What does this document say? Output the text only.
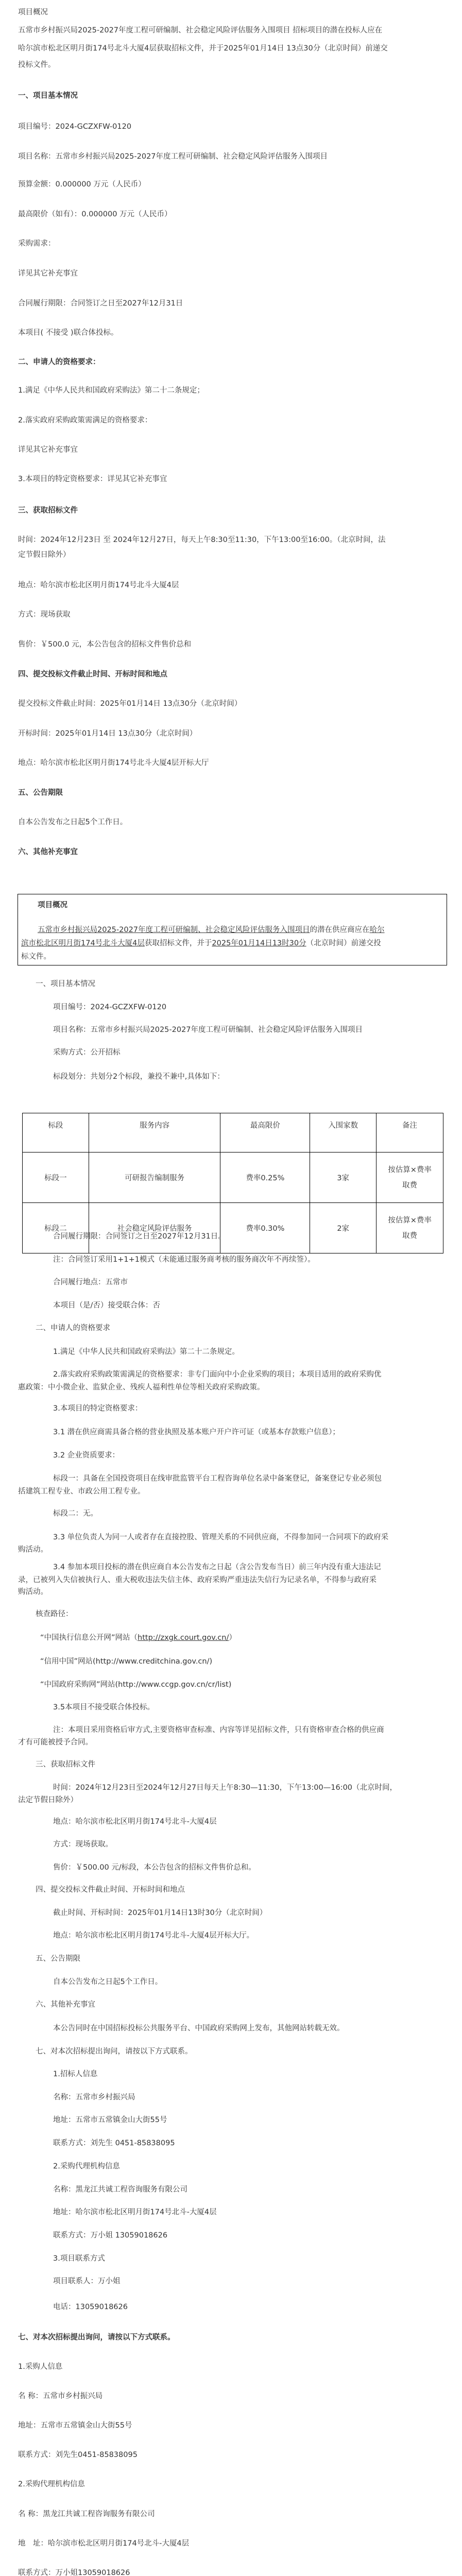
项目概况
五常市乡村振兴局2025-2027年度工程可研编制、社会稳定风险评估服务入围项目 招标项目的潜在投标人应在
哈尔滨市松北区明月街174号北斗大厦4层获取招标文件，并于2025年01月14日 13点30分（北京时间）前递交
投标文件。
一、项目基本情况
项目编号：2024-GCZXFW-0120
项目名称：五常市乡村振兴局2025-2027年度工程可研编制、社会稳定风险评估服务入围项目
预算金额：0.000000 万元（人民币）
最高限价（如有）：0.000000 万元（人民币）
采购需求：
详见其它补充事宜
合同履行期限：合同签订之日至2027年12月31日
本项目( 不接受 )联合体投标。
二、申请人的资格要求：
1.满足《中华人民共和国政府采购法》第二十二条规定；
2.落实政府采购政策需满足的资格要求：
详见其它补充事宜
3.本项目的特定资格要求：详见其它补充事宜
三、获取招标文件
时间：2024年12月23日 至 2024年12月27日，每天上午8:30至11:30，下午13:00至16:00。（北京时间，法
定节假日除外）
地点：哈尔滨市松北区明月街174号北斗大厦4层
方式：现场获取
售价：￥500.0 元，本公告包含的招标文件售价总和
四、提交投标文件截止时间、开标时间和地点
提交投标文件截止时间：2025年01月14日 13点30分（北京时间）
开标时间：2025年01月14日 13点30分（北京时间）
地点：哈尔滨市松北区明月街174号北斗大厦4层开标大厅
五、公告期限
自本公告发布之日起5个工作日。
六、其他补充事宜
项目概况
五常市乡村振兴局2025-2027年度工程可研编制、社会稳定风险评估服务入围项目的潜在供应商应在哈尔
滨市松北区明月街174号北斗大厦4层获取招标文件，并于2025年01月14日13时30分（北京时间）前递交投
标文件。
一、项目基本情况
项目编号：2024-GCZXFW-0120
项目名称：五常市乡村振兴局2025-2027年度工程可研编制、社会稳定风险评估服务入围项目
采购方式：公开招标
标段划分：共划分2个标段，兼投不兼中,具体如下：
标段	服务内容	最高限价	入围家数	备注
标段一	可研报告编制服务	费率0.25%	3家	按估算×费率
取费
标段二	社会稳定风险评估服务	费率0.30%	2家	按估算×费率
取费
合同履行期限：合同签订之日至2027年12月31日。
注：合同签订采用1+1+1模式（未能通过服务商考核的服务商次年不再续签）。
合同履行地点：五常市
本项目（是/否）接受联合体：否
二、申请人的资格要求
1.满足《中华人民共和国政府采购法》第二十二条规定。
2.落实政府采购政策需满足的资格要求：非专门面向中小企业采购的项目；本项目适用的政府采购优
惠政策：中小微企业、监狱企业、残疾人福利性单位等相关政府采购政策。
3.本项目的特定资格要求：
3.1 潜在供应商需具备合格的营业执照及基本账户开户许可证（或基本存款账户信息）；
3.2 企业资质要求：
标段一：具备在全国投资项目在线审批监管平台工程咨询单位名录中备案登记，备案登记专业必须包
括建筑工程专业、市政公用工程专业。
标段二：无。
3.3 单位负责人为同一人或者存在直接控股、管理关系的不同供应商，不得参加同一合同项下的政府采
购活动。
3.4 参加本项目投标的潜在供应商自本公告发布之日起（含公告发布当日）前三年内没有重大违法记
录，已被列入失信被执行人、重大税收违法失信主体、政府采购严重违法失信行为记录名单，不得参与政府采
购活动。
核查路径：
“中国执行信息公开网”网站（http://zxgk.court.gov.cn/）
“信用中国”网站(http://www.creditchina.gov.cn/)
“中国政府采购网”网站(http://www.ccgp.gov.cn/cr/list)
3.5本项目不接受联合体投标。
注：本项目采用资格后审方式,主要资格审查标准、内容等详见招标文件，只有资格审查合格的供应商
才有可能被授予合同。
三、获取招标文件
时间：2024年12月23日至2024年12月27日每天上午8:30—11:30，下午13:00—16:00（北京时间，
法定节假日除外）
地点：哈尔滨市松北区明月街174号北斗-大厦4层
方式：现场获取。
售价：￥500.00 元/标段，本公告包含的招标文件售价总和。
四、提交投标文件截止时间、开标时间和地点
截止时间、开标时间：2025年01月14日13时30分（北京时间）
地点：哈尔滨市松北区明月街174号北斗-大厦4层开标大厅。
五、公告期限
自本公告发布之日起5个工作日。
六、其他补充事宜
本公告同时在中国招标投标公共服务平台、中国政府采购网上发布，其他网站转载无效。
七、对本次招标提出询问，请按以下方式联系。
1.招标人信息
名称：五常市乡村振兴局
地址：五常市五常镇金山大街55号
联系方式：刘先生 0451-85838095
2.采购代理机构信息
名称：黑龙江共诚工程咨询服务有限公司
地址：哈尔滨市松北区明月街174号北斗-大厦4层
联系方式：万小姐 13059018626
3.项目联系方式
项目联系人：万小姐
电话：13059018626
七、对本次招标提出询问，请按以下方式联系。
1.采购人信息
名 称：五常市乡村振兴局
地址：五常市五常镇金山大街55号
联系方式：刘先生0451-85838095
2.采购代理机构信息
名 称：黑龙江共诚工程咨询服务有限公司
地　址：哈尔滨市松北区明月街174号北斗-大厦4层
联系方式：万小姐13059018626
